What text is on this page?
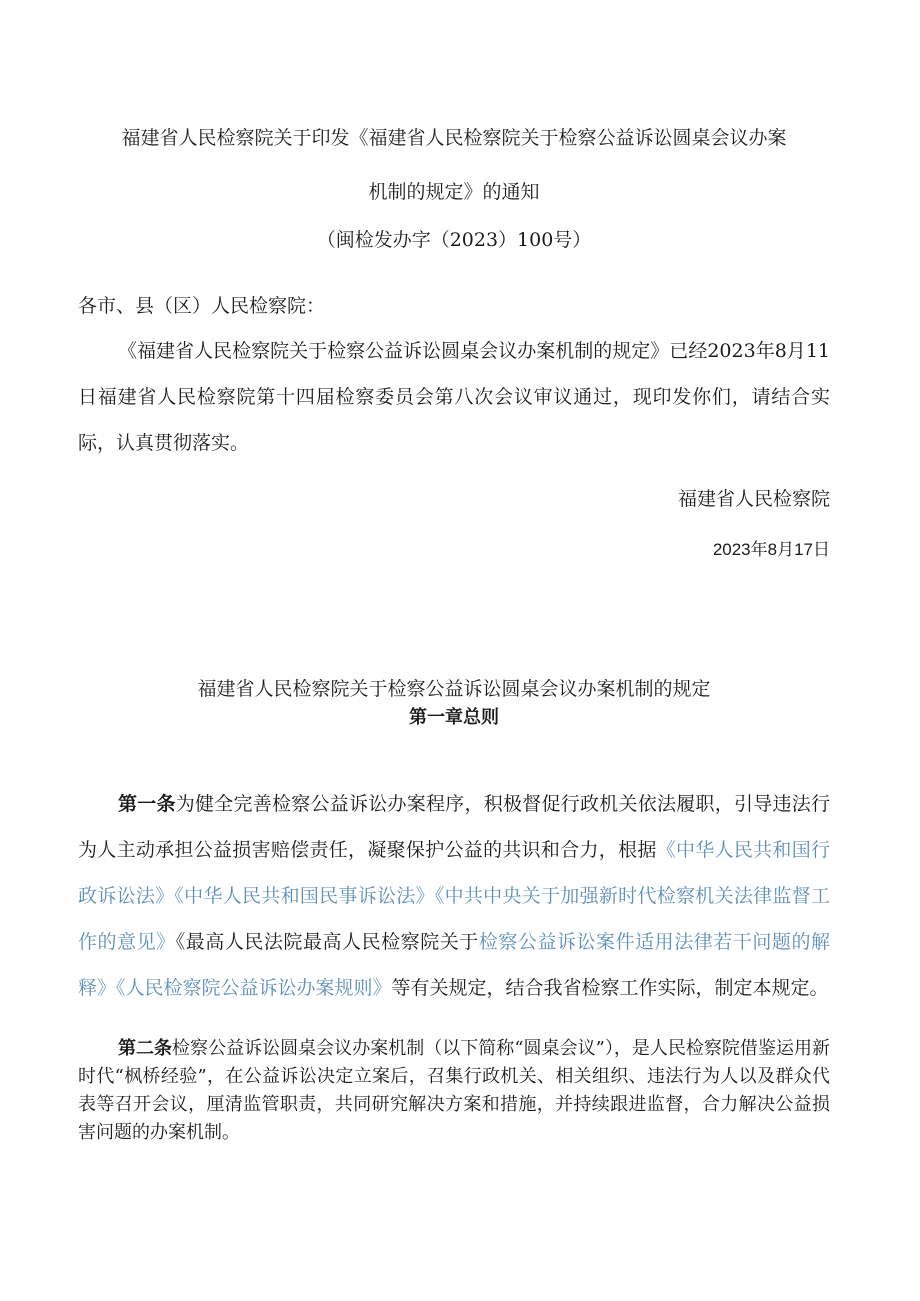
福建省人民检察院关于印发《福建省人民检察院关于检察公益诉讼圆桌会议办案

机制的规定》的通知

（闽检发办字（2023）100号）

各市、县（区）人民检察院：

《福建省人民检察院关于检察公益诉讼圆桌会议办案机制的规定》已经2023年8月11日福建省人民检察院第十四届检察委员会第八次会议审议通过，现印发你们，请结合实际，认真贯彻落实。

福建省人民检察院

2023年8月17日

福建省人民检察院关于检察公益诉讼圆桌会议办案机制的规定

第一章总则

第一条为健全完善检察公益诉讼办案程序，积极督促行政机关依法履职，引导违法行为人主动承担公益损害赔偿责任，凝聚保护公益的共识和合力，根据《中华人民共和国行政诉讼法》《中华人民共和国民事诉讼法》《中共中央关于加强新时代检察机关法律监督工作的意见》《最高人民法院最高人民检察院关于检察公益诉讼案件适用法律若干问题的解释》《人民检察院公益诉讼办案规则》等有关规定，结合我省检察工作实际，制定本规定。

第二条检察公益诉讼圆桌会议办案机制（以下简称“圆桌会议”），是人民检察院借鉴运用新时代“枫桥经验”，在公益诉讼决定立案后，召集行政机关、相关组织、违法行为人以及群众代表等召开会议，厘清监管职责，共同研究解决方案和措施，并持续跟进监督，合力解决公益损害问题的办案机制。
